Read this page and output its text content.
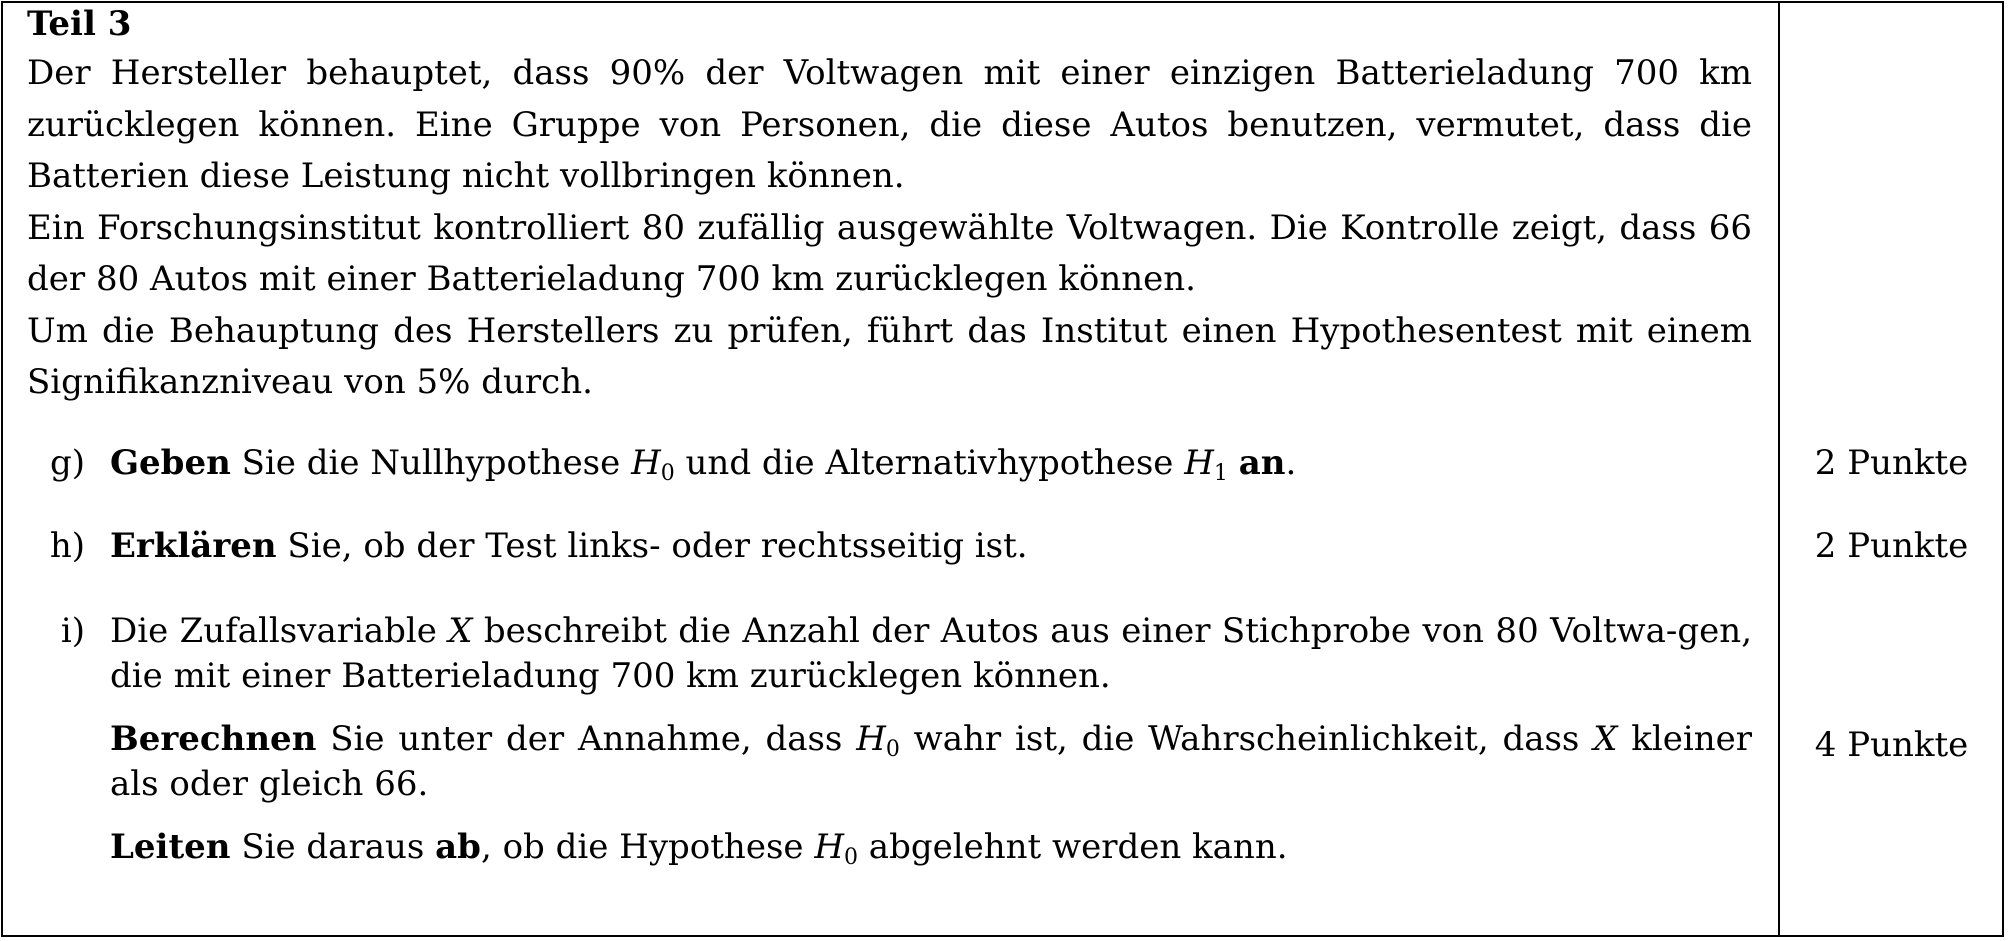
Teil 3

Der Hersteller behauptet, dass 90% der Voltwagen mit einer einzigen Batterieladung 700 km zurücklegen können. Eine Gruppe von Personen, die diese Autos benutzen, vermutet, dass die Batterien diese Leistung nicht vollbringen können.

Ein Forschungsinstitut kontrolliert 80 zufällig ausgewählte Voltwagen. Die Kontrolle zeigt, dass 66 der 80 Autos mit einer Batterieladung 700 km zurücklegen können.

Um die Behauptung des Herstellers zu prüfen, führt das Institut einen Hypothesentest mit einem Signifikanzniveau von 5% durch.

g) Geben Sie die Nullhypothese $H_0$ und die Alternativhypothese $H_1$ an.	2 Punkte
h) Erklären Sie, ob der Test links- oder rechtsseitig ist.	2 Punkte
i) Die Zufallsvariable X beschreibt die Anzahl der Autos aus einer Stichprobe von 80 Voltwa-gen, die mit einer Batterieladung 700 km zurücklegen können.

Berechnen Sie unter der Annahme, dass $H_0$ wahr ist, die Wahrscheinlichkeit, dass X kleiner als oder gleich 66.

Leiten Sie daraus ab, ob die Hypothese $H_0$ abgelehnt werden kann.

4 Punkte
